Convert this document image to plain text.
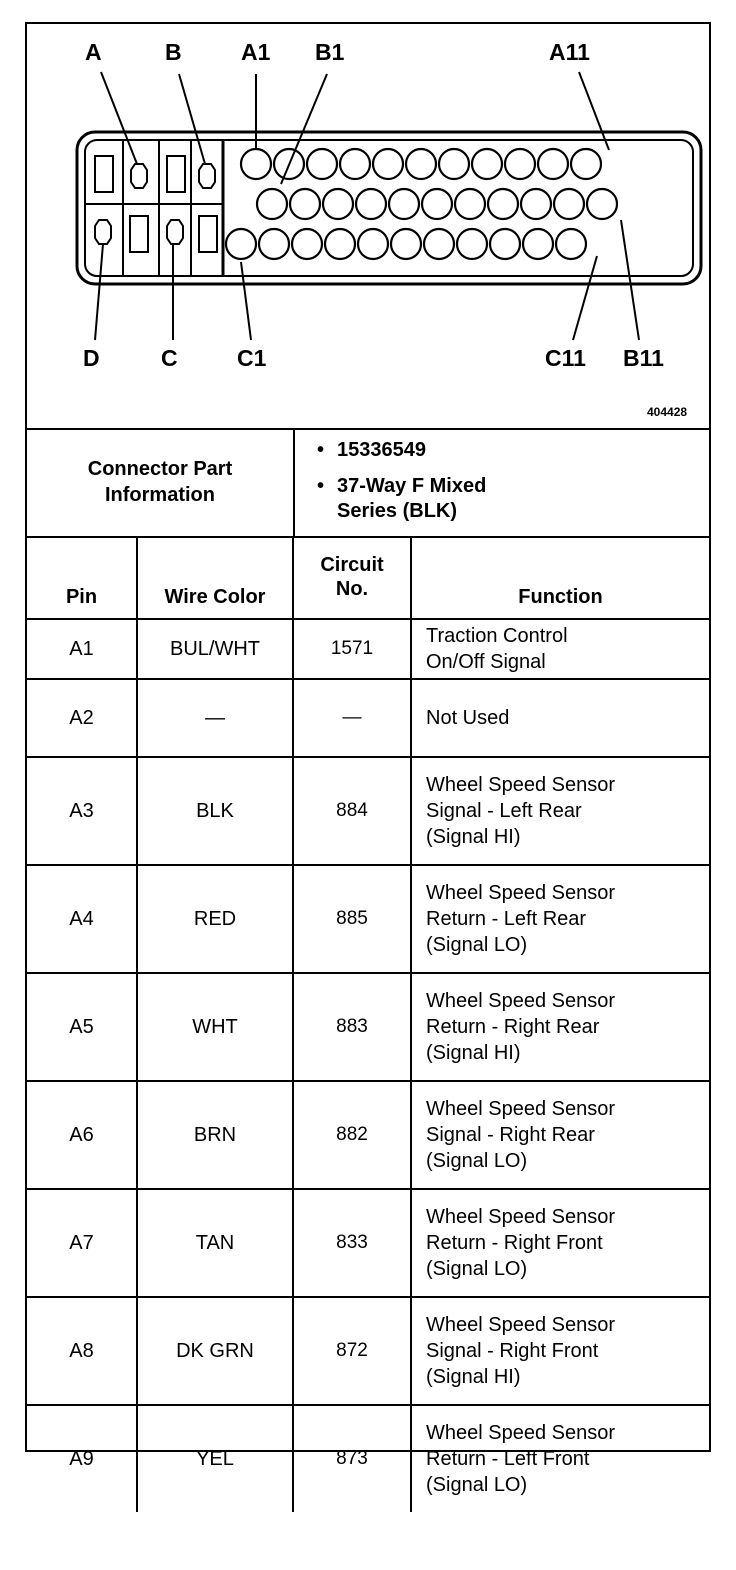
A	B	A1 B1	A11
D	C	C1	C11 B11
404428
Connector Part
Information
• 15336549
• 37-Way F Mixed
Series (BLK)
Pin	Wire Color	Circuit
No.	Function
A1	BUL/WHT	1571	Traction Control
On/Off Signal

A2	—	—	Not Used

A3	BLK	884	Wheel Speed Sensor
Signal - Left Rear
(Signal HI)

A4	RED	885	Wheel Speed Sensor
Return - Left Rear
(Signal LO)

A5	WHT	883	Wheel Speed Sensor
Return - Right Rear
(Signal HI)

A6	BRN	882	Wheel Speed Sensor
Signal - Right Rear
(Signal LO)

A7	TAN	833	Wheel Speed Sensor
Return - Right Front
(Signal LO)

A8	DK GRN	872	Wheel Speed Sensor
Signal - Right Front
(Signal HI)

A9	YEL	873	Wheel Speed Sensor
Return - Left Front
(Signal LO)
